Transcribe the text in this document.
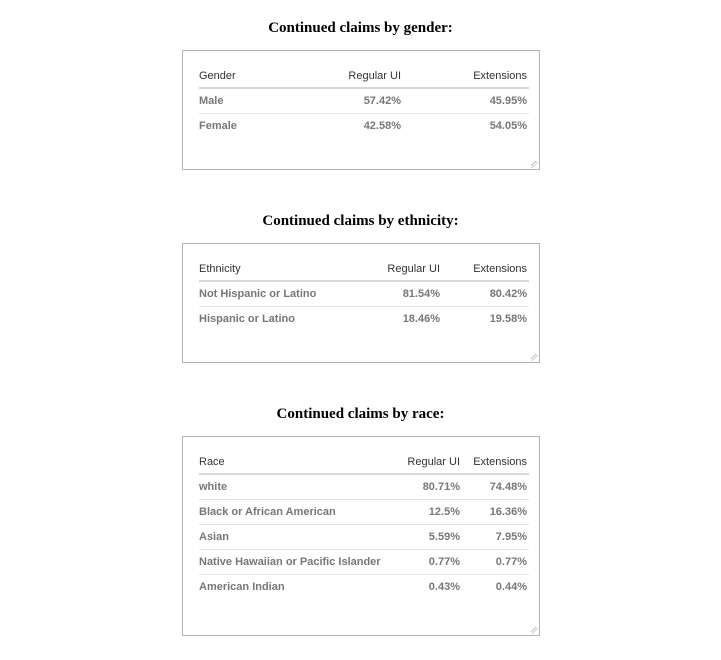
Continued claims by gender:
Gender	Regular UI	Extensions
Male	57.42%	45.95%
Female	42.58%	54.05%
Continued claims by ethnicity:
Ethnicity	Regular UI	Extensions
Not Hispanic or Latino	81.54%	80.42%
Hispanic or Latino	18.46%	19.58%
Continued claims by race:
Race	Regular UI	Extensions
white	80.71%	74.48%
Black or African American	12.5%	16.36%
Asian	5.59%	7.95%
Native Hawaiian or Pacific Islander	0.77%	0.77%
American Indian	0.43%	0.44%
